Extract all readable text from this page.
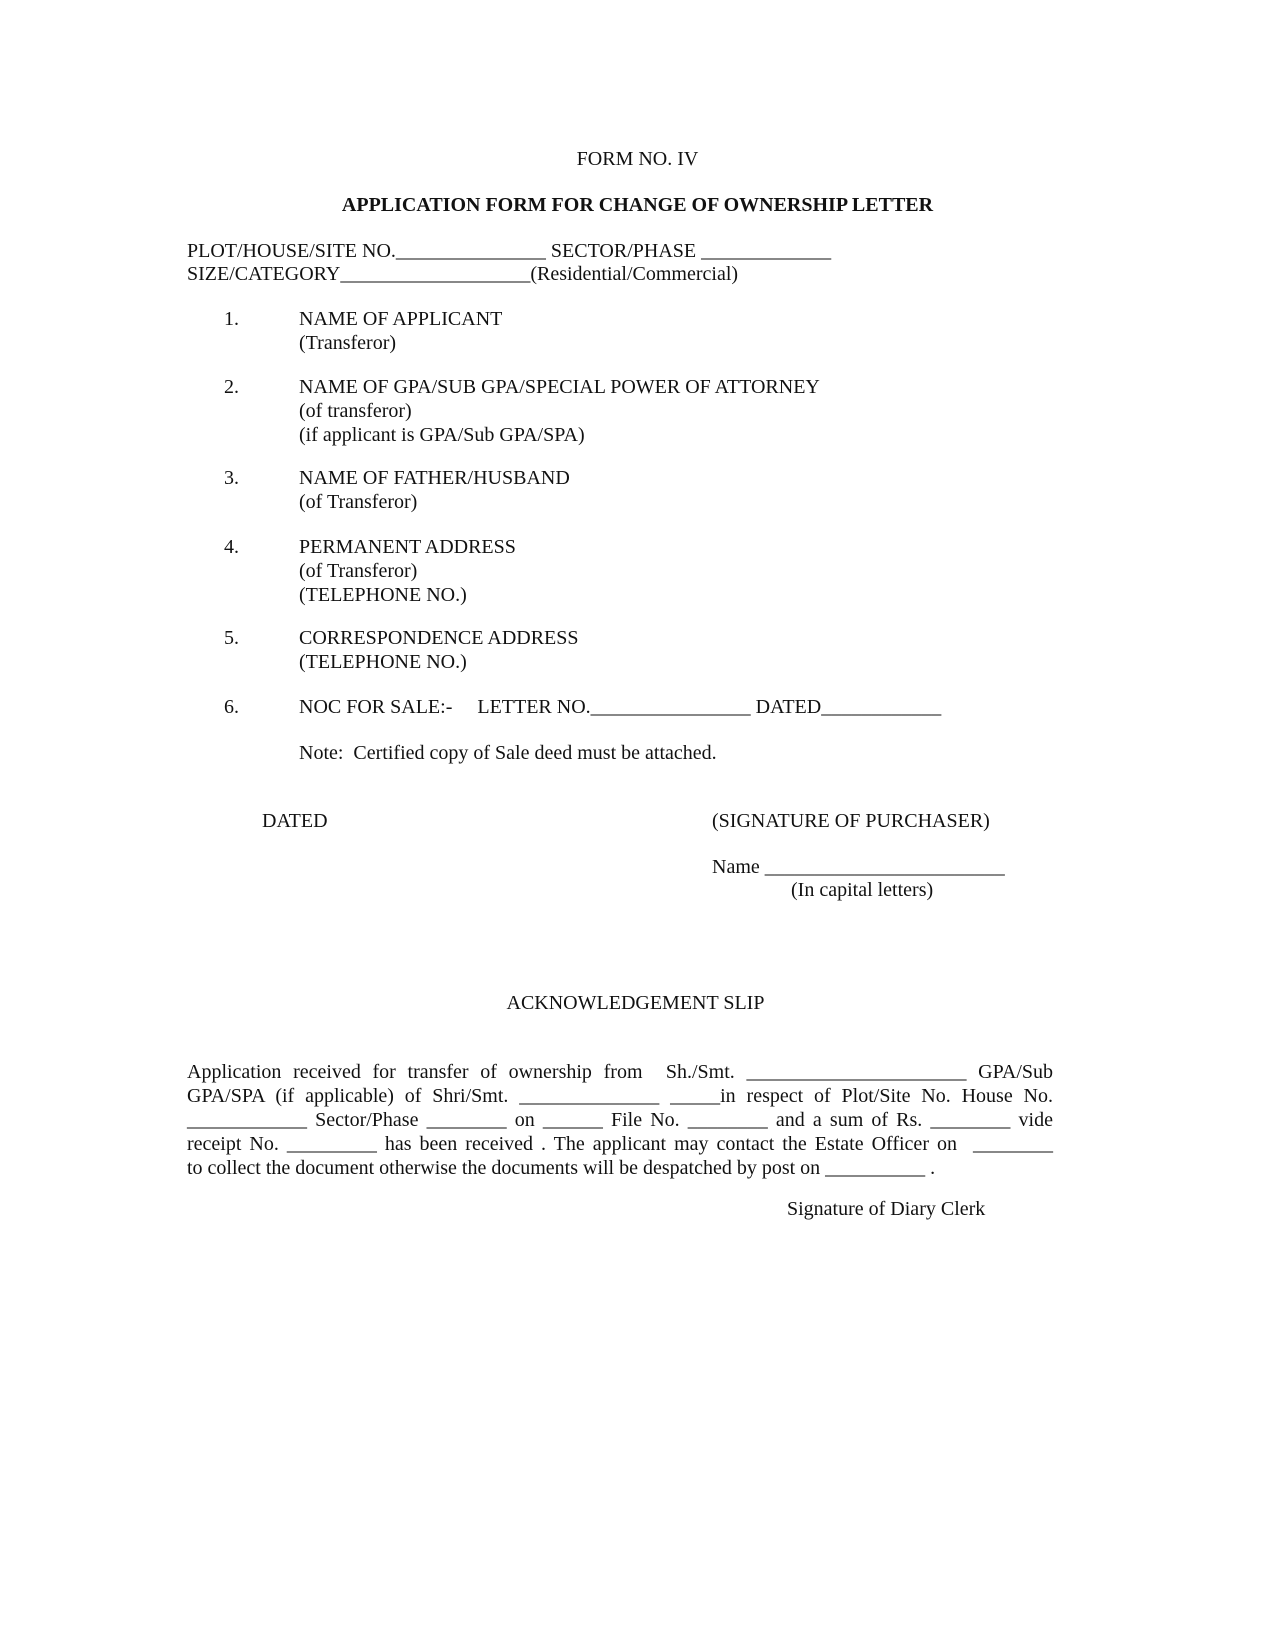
FORM NO. IV
APPLICATION FORM FOR CHANGE OF OWNERSHIP LETTER
PLOT/HOUSE/SITE NO._______________ SECTOR/PHASE _____________
SIZE/CATEGORY___________________(Residential/Commercial)
1.	NAME OF APPLICANT
(Transferor)
2.	NAME OF GPA/SUB GPA/SPECIAL POWER OF ATTORNEY
(of transferor)
(if applicant is GPA/Sub GPA/SPA)
3.	NAME OF FATHER/HUSBAND
(of Transferor)
4.	PERMANENT ADDRESS
(of Transferor)
(TELEPHONE NO.)
5.	CORRESPONDENCE ADDRESS
(TELEPHONE NO.)
6.	NOC FOR SALE:-     LETTER NO.________________ DATED____________
Note:  Certified copy of Sale deed must be attached.
DATED	(SIGNATURE OF PURCHASER)
Name ________________________
(In capital letters)
ACKNOWLEDGEMENT SLIP
Application received for transfer of ownership from  Sh./Smt. ______________________ GPA/Sub
GPA/SPA (if applicable) of Shri/Smt. ______________ _____in respect of Plot/Site No. House No.
____________ Sector/Phase ________ on ______ File No. ________ and a sum of Rs. ________ vide
receipt No. _________ has been received . The applicant may contact the Estate Officer on  ________
to collect the document otherwise the documents will be despatched by post on __________ .
Signature of Diary Clerk
